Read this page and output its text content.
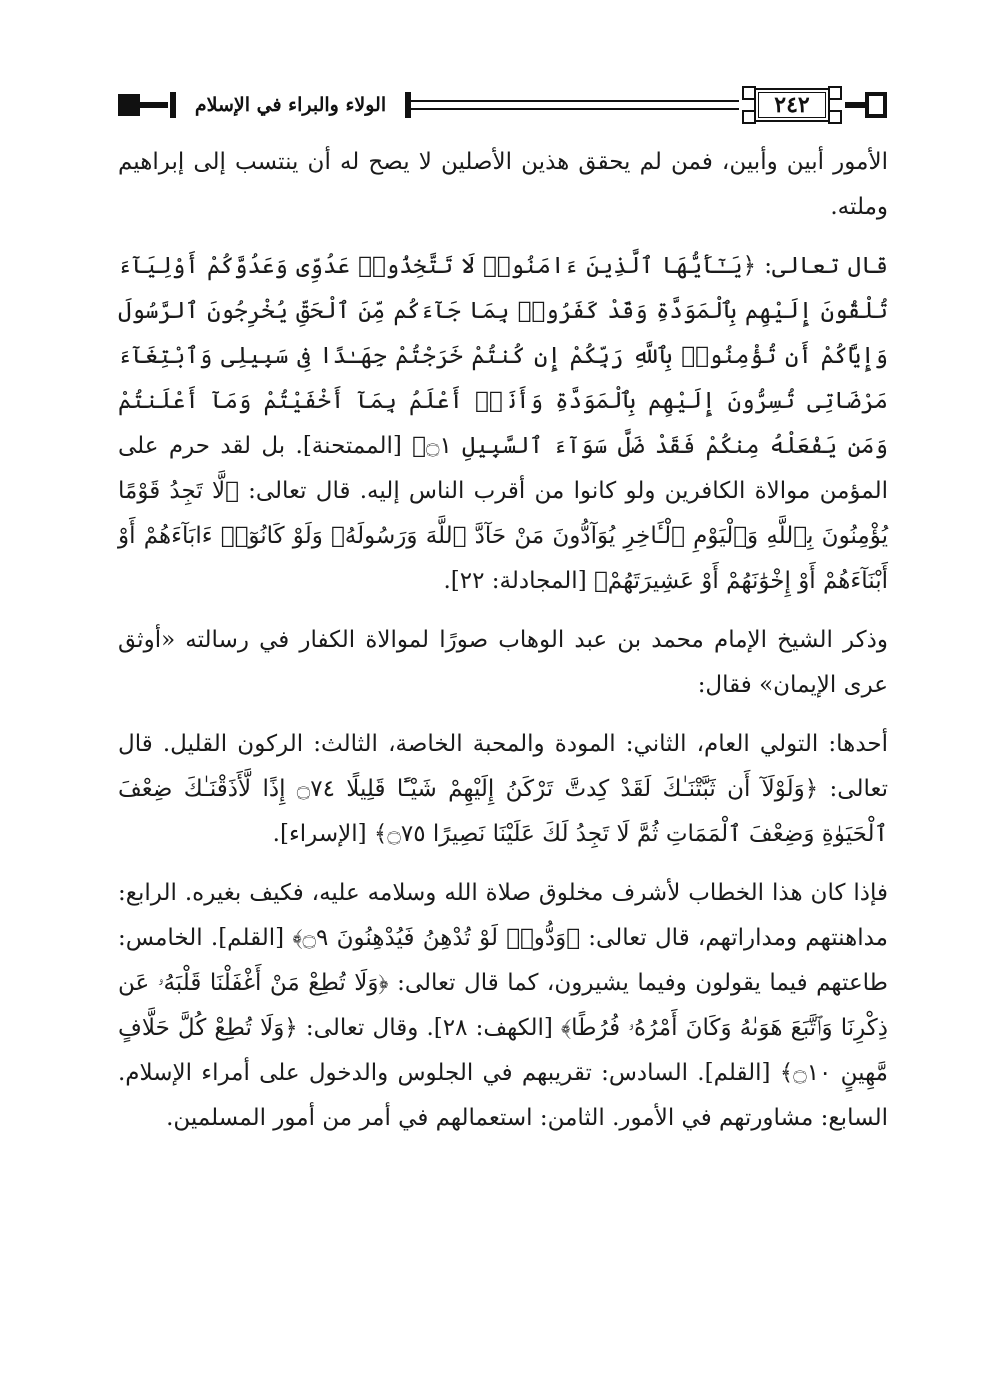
الولاء والبراء في الإسلام	٢٤٢

الأمور أبين وأبين، فمن لم يحقق هذين الأصلين لا يصح له أن ينتسب إلى إبراهيم وملته.

قال تعالى: ﴿يَـٰٓأَيُّهَا ٱلَّذِينَ ءَامَنُوا۟ لَا تَتَّخِذُوا۟ عَدُوِّى وَعَدُوَّكُمْ أَوْلِيَآءَ تُلْقُونَ إِلَيْهِم بِٱلْمَوَدَّةِ وَقَدْ كَفَرُوا۟ بِمَا جَآءَكُم مِّنَ ٱلْحَقِّ يُخْرِجُونَ ٱلرَّسُولَ وَإِيَّاكُمْ أَن تُؤْمِنُوا۟ بِٱللَّهِ رَبِّكُمْ إِن كُنتُمْ خَرَجْتُمْ جِهَـٰدًا فِى سَبِيلِى وَٱبْتِغَآءَ مَرْضَاتِى تُسِرُّونَ إِلَيْهِم بِٱلْمَوَدَّةِ وَأَنَا۠ أَعْلَمُ بِمَآ أَخْفَيْتُمْ وَمَآ أَعْلَنتُمْ وَمَن يَفْعَلْهُ مِنكُمْ فَقَدْ ضَلَّ سَوَآءَ ٱلسَّبِيلِ ۝١﴾ [الممتحنة]. بل لقد حرم على المؤمن موالاة الكافرين ولو كانوا من أقرب الناس إليه. قال تعالى: ﴿لَّا تَجِدُ قَوْمًا يُؤْمِنُونَ بِٱللَّهِ وَٱلْيَوْمِ ٱلْـَٔاخِرِ يُوَآدُّونَ مَنْ حَآدَّ ٱللَّهَ وَرَسُولَهُۥ وَلَوْ كَانُوٓا۟ ءَابَآءَهُمْ أَوْ أَبْنَآءَهُمْ أَوْ إِخْوَٰنَهُمْ أَوْ عَشِيرَتَهُمْ﴾ [المجادلة: ٢٢].

وذكر الشيخ الإمام محمد بن عبد الوهاب صورًا لموالاة الكفار في رسالته «أوثق عرى الإيمان» فقال:

أحدها: التولي العام، الثاني: المودة والمحبة الخاصة، الثالث: الركون القليل. قال تعالى: ﴿وَلَوْلَآ أَن ثَبَّتْنَـٰكَ لَقَدْ كِدتَّ تَرْكَنُ إِلَيْهِمْ شَيْـًٔا قَلِيلًا ۝٧٤ إِذًا لَّأَذَقْنَـٰكَ ضِعْفَ ٱلْحَيَوٰةِ وَضِعْفَ ٱلْمَمَاتِ ثُمَّ لَا تَجِدُ لَكَ عَلَيْنَا نَصِيرًا ۝٧٥﴾ [الإسراء].

فإذا كان هذا الخطاب لأشرف مخلوق صلاة الله وسلامه عليه، فكيف بغيره. الرابع: مداهنتهم ومداراتهم، قال تعالى: ﴿وَدُّوا۟ لَوْ تُدْهِنُ فَيُدْهِنُونَ ۝٩﴾ [القلم]. الخامس: طاعتهم فيما يقولون وفيما يشيرون، كما قال تعالى: ﴿وَلَا تُطِعْ مَنْ أَغْفَلْنَا قَلْبَهُۥ عَن ذِكْرِنَا وَٱتَّبَعَ هَوَىٰهُ وَكَانَ أَمْرُهُۥ فُرُطًا﴾ [الكهف: ٢٨]. وقال تعالى: ﴿وَلَا تُطِعْ كُلَّ حَلَّافٍ مَّهِينٍ ۝١٠﴾ [القلم]. السادس: تقريبهم في الجلوس والدخول على أمراء الإسلام. السابع: مشاورتهم في الأمور. الثامن: استعمالهم في أمر من أمور المسلمين.
